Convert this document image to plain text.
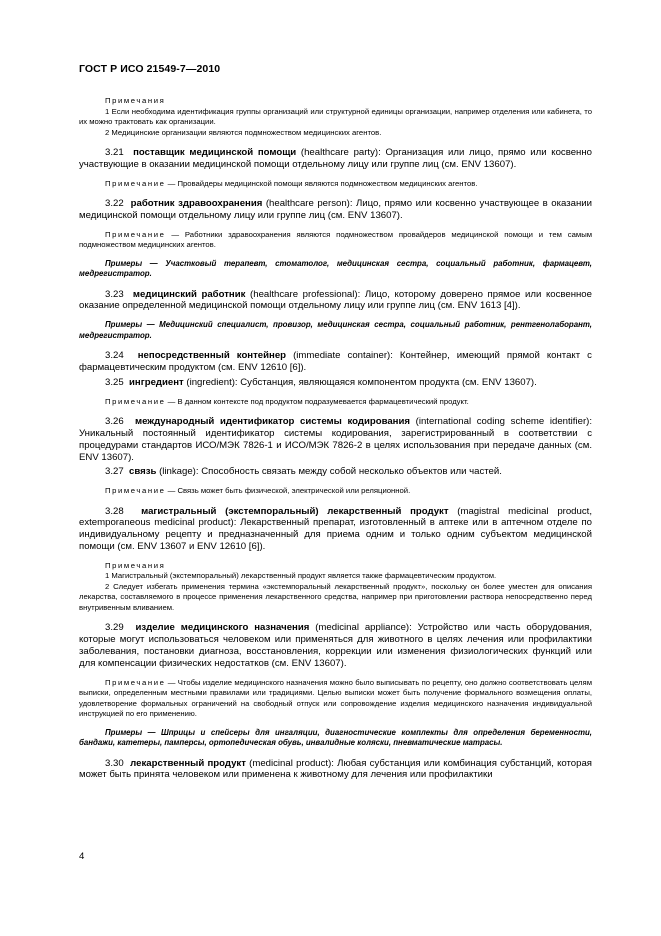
ГОСТ Р ИСО 21549-7—2010

Примечания

1 Если необходима идентификация группы организаций или структурной единицы организации, например отделения или кабинета, то их можно трактовать как организации.

2 Медицинские организации являются подмножеством медицинских агентов.

3.21 поставщик медицинской помощи (healthcare party): Организация или лицо, прямо или косвенно участвующие в оказании медицинской помощи отдельному лицу или группе лиц (см. ENV 13607).

Примечание — Провайдеры медицинской помощи являются подмножеством медицинских агентов.

3.22 работник здравоохранения (healthcare person): Лицо, прямо или косвенно участвующее в оказании медицинской помощи отдельному лицу или группе лиц (см. ENV 13607).

Примечание — Работники здравоохранения являются подмножеством провайдеров медицинской помощи и тем самым подмножеством медицинских агентов.

Примеры — Участковый терапевт, стоматолог, медицинская сестра, социальный работник, фармацевт, медрегистратор.

3.23 медицинский работник (healthcare professional): Лицо, которому доверено прямое или косвенное оказание определенной медицинской помощи отдельному лицу или группе лиц (см. ENV 1613 [4]).

Примеры — Медицинский специалист, провизор, медицинская сестра, социальный работник, рентгенолаборант, медрегистратор.

3.24 непосредственный контейнер (immediate container): Контейнер, имеющий прямой контакт с фармацевтическим продуктом (см. ENV 12610 [6]).

3.25 ингредиент (ingredient): Субстанция, являющаяся компонентом продукта (см. ENV 13607).

Примечание — В данном контексте под продуктом подразумевается фармацевтический продукт.

3.26 международный идентификатор системы кодирования (international coding scheme identifier): Уникальный постоянный идентификатор системы кодирования, зарегистрированный в соответствии с процедурами стандартов ИСО/МЭК 7826-1 и ИСО/МЭК 7826-2 в целях использования при передаче данных (см. ENV 13607).

3.27 связь (linkage): Способность связать между собой несколько объектов или частей.

Примечание — Связь может быть физической, электрической или реляционной.

3.28 магистральный (экстемпоральный) лекарственный продукт (magistral medicinal product, extemporaneous medicinal product): Лекарственный препарат, изготовленный в аптеке или в аптечном отделе по индивидуальному рецепту и предназначенный для приема одним и только одним субъектом медицинской помощи (см. ENV 13607 и ENV 12610 [6]).

Примечания

1 Магистральный (экстемпоральный) лекарственный продукт является также фармацевтическим продуктом.

2 Следует избегать применения термина «экстемпоральный лекарственный продукт», поскольку он более уместен для описания лекарства, составляемого в процессе применения лекарственного средства, например при приготовлении раствора непосредственно перед внутривенным вливанием.

3.29 изделие медицинского назначения (medicinal appliance): Устройство или часть оборудования, которые могут использоваться человеком или применяться для животного в целях лечения или профилактики заболевания, постановки диагноза, восстановления, коррекции или изменения физиологических функций или для компенсации физических недостатков (см. ENV 13607).

Примечание — Чтобы изделие медицинского назначения можно было выписывать по рецепту, оно должно соответствовать целям выписки, определенным местными правилами или традициями. Целью выписки может быть получение формального возмещения оплаты, удовлетворение формальных ограничений на свободный отпуск или сопровождение изделия медицинского назначения индивидуальной инструкцией по его применению.

Примеры — Шприцы и спейсеры для ингаляции, диагностические комплекты для определения беременности, бандажи, катетеры, памперсы, ортопедическая обувь, инвалидные коляски, пневматические матрасы.

3.30 лекарственный продукт (medicinal product): Любая субстанция или комбинация субстанций, которая может быть принята человеком или применена к животному для лечения или профилактики

4
